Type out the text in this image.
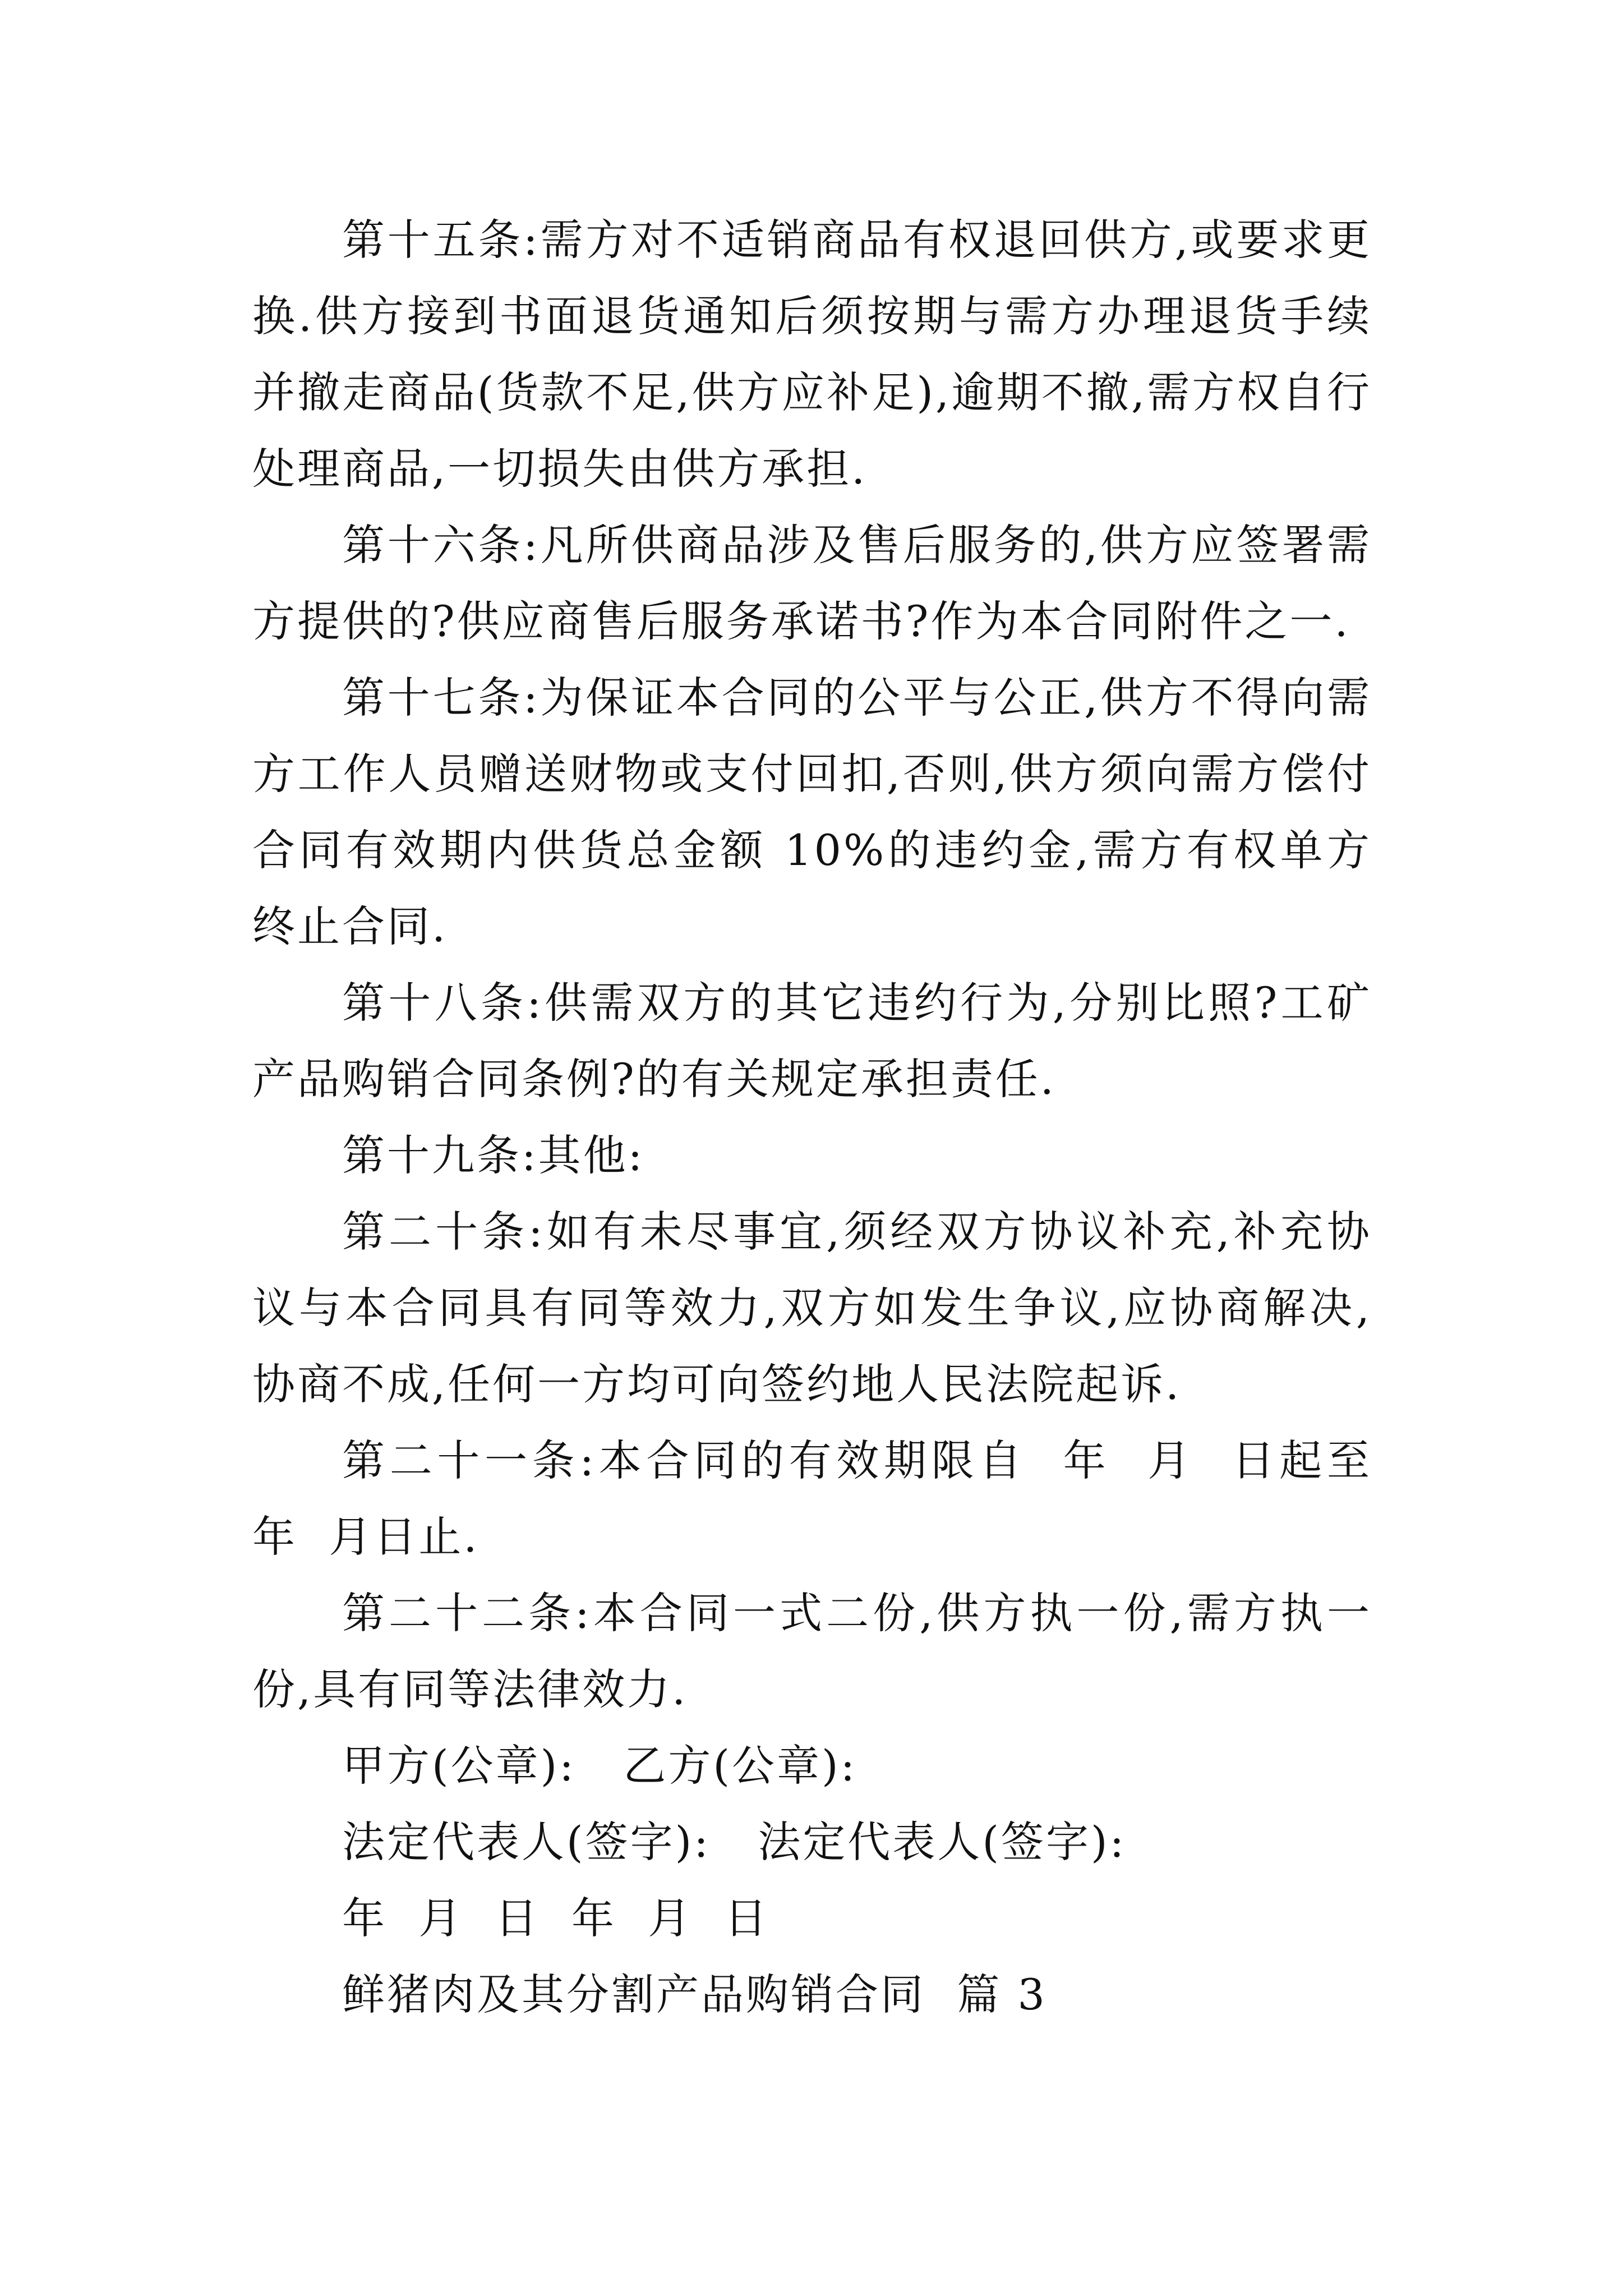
第十五条:需方对不适销商品有权退回供方,或要求更换.供方接到书面退货通知后须按期与需方办理退货手续并撤走商品(货款不足,供方应补足),逾期不撤,需方权自行处理商品,一切损失由供方承担.

第十六条:凡所供商品涉及售后服务的,供方应签署需方提供的?供应商售后服务承诺书?作为本合同附件之一.

第十七条:为保证本合同的公平与公正,供方不得向需方工作人员赠送财物或支付回扣,否则,供方须向需方偿付合同有效期内供货总金额 10%的违约金,需方有权单方终止合同.

第十八条:供需双方的其它违约行为,分别比照?工矿产品购销合同条例?的有关规定承担责任.

第十九条:其他:

第二十条:如有未尽事宜,须经双方协议补充,补充协议与本合同具有同等效力,双方如发生争议,应协商解决,协商不成,任何一方均可向签约地人民法院起诉.

第二十一条:本合同的有效期限自  年  月  日起至  年  月日止.

第二十二条:本合同一式二份,供方执一份,需方执一份,具有同等法律效力.

甲方(公章):   乙方(公章):

法定代表人(签字):   法定代表人(签字):

年  月  日  年  月  日

鲜猪肉及其分割产品购销合同  篇 3
